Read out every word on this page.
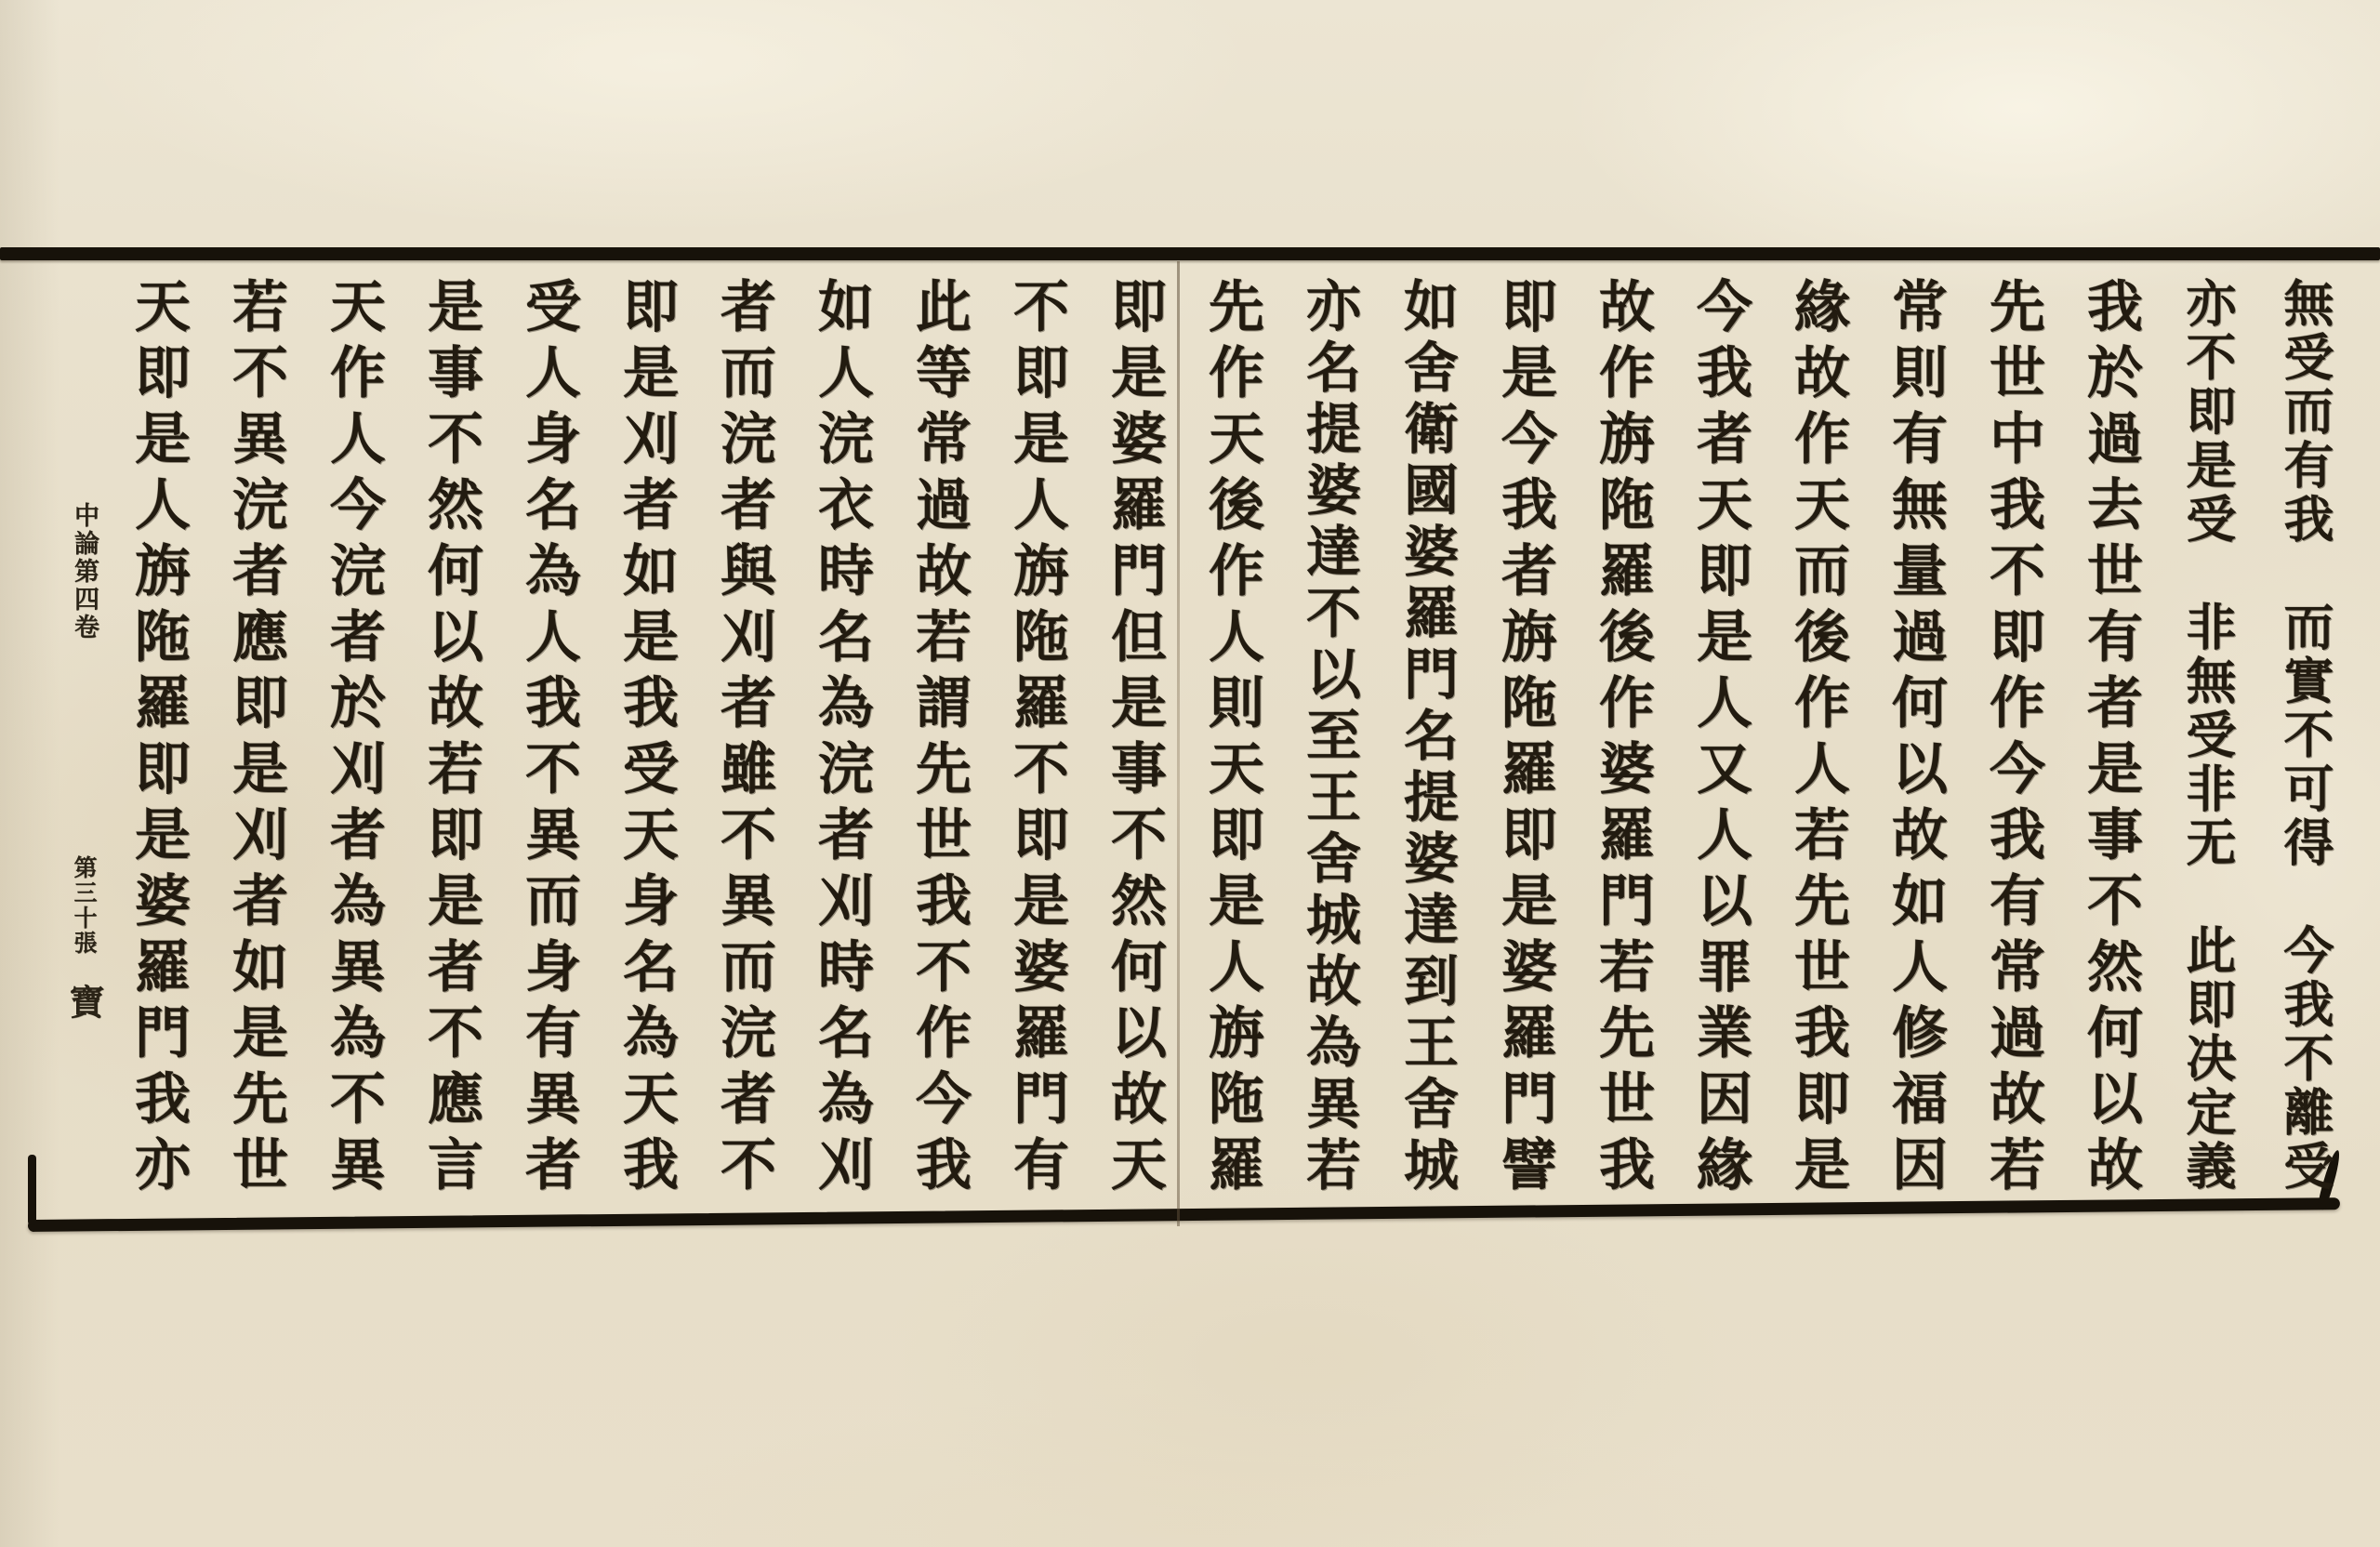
無受而有我　而實不可得　今我不離受
亦不即是受　非無受非无　此即决定義
我於過去世有者是事不然何以故
先世中我不即作今我有常過故若
常則有無量過何以故如人修福因
緣故作天而後作人若先世我即是
今我者天即是人又人以罪業因緣
故作旃陁羅後作婆羅門若先世我
即是今我者旃陁羅即是婆羅門譬
如舍衛國婆羅門名提婆達到王舍城
亦名提婆達不以至王舍城故為異若
先作天後作人則天即是人旃陁羅
即是婆羅門但是事不然何以故天
不即是人旃陁羅不即是婆羅門有
此等常過故若謂先世我不作今我
如人浣衣時名為浣者刈時名為刈
者而浣者與刈者雖不異而浣者不
即是刈者如是我受天身名為天我
受人身名為人我不異而身有異者
是事不然何以故若即是者不應言
天作人今浣者於刈者為異為不異
若不異浣者應即是刈者如是先世
天即是人旃陁羅即是婆羅門我亦
中論第四卷
第三十張
寶
